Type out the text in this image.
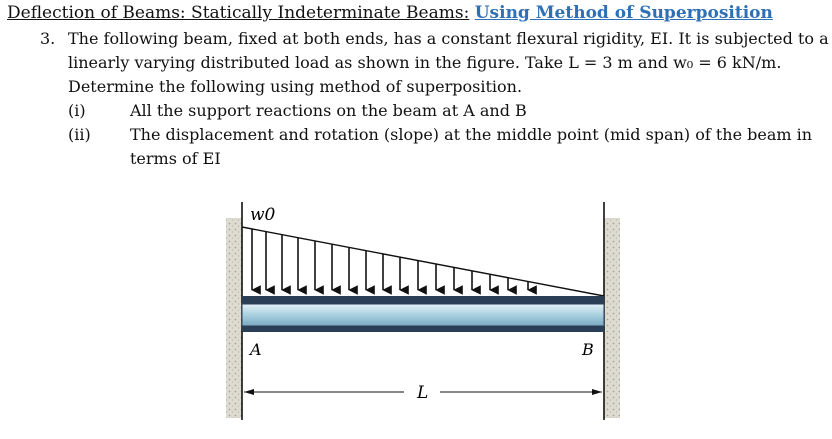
Deflection of Beams: Statically Indeterminate Beams: Using Method of Superposition
3. The following beam, fixed at both ends, has a constant flexural rigidity, EI. It is subjected to a
linearly varying distributed load as shown in the figure. Take L = 3 m and w₀ = 6 kN/m.
Determine the following using method of superposition.
(i)	All the support reactions on the beam at A and B
(ii) The displacement and rotation (slope) at the middle point (mid span) of the beam in
terms of EI
w0
A	B
L
